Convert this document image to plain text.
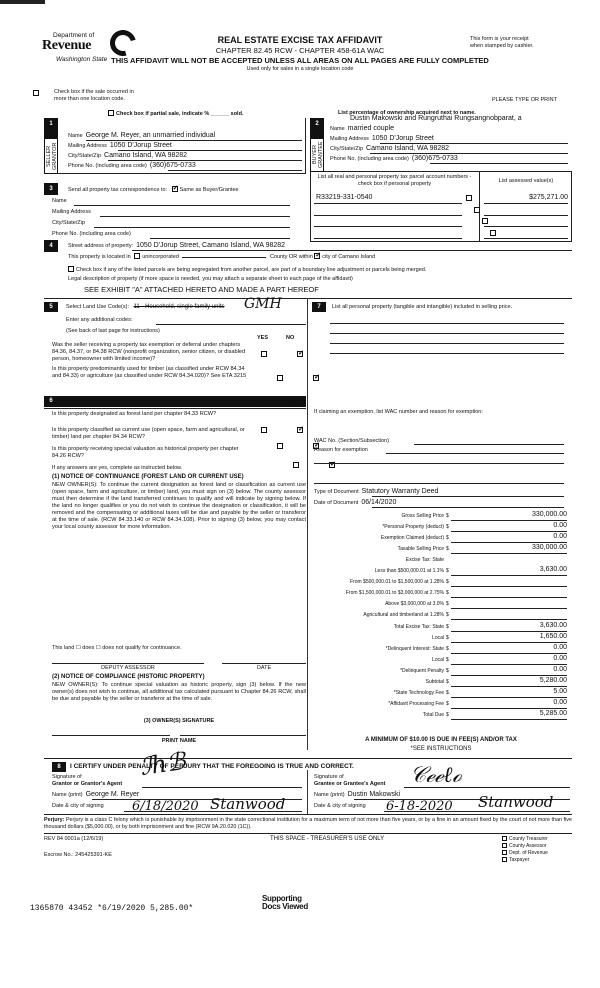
Department of
Revenue
Washington State
REAL ESTATE EXCISE TAX AFFIDAVIT
CHAPTER 82.45 RCW - CHAPTER 458-61A WAC
THIS AFFIDAVIT WILL NOT BE ACCEPTED UNLESS ALL AREAS ON ALL PAGES ARE FULLY COMPLETED
Used only for sales in a single location code
This form is your receipt
when stamped by cashier.
Check box if the sale occurred in
more than one location code.	PLEASE TYPE OR PRINT
Check box if partial sale, indicate % ______ sold.	List percentage of ownership acquired next to name.
1
SELLER GRANTOR
Name George M. Reyer, an unmarried individual
Mailing Address 1050 D'Jorup Street
City/State/Zip Camano Island, WA 98282
Phone No. (including area code) (360)675-0733
2
BUYER GRANTEE
Dustin Makowski and Rungruthai Rungsangnobparat, a
Name married couple
Mailing Address 1050 D'Jorup Street
City/State/Zip Camano Island, WA 98282
Phone No. (including area code) (360)675-0733
3	Send all property tax correspondence to: ✓ Same as Buyer/Grantee
Name
Mailing Address
City/State/Zip
Phone No. (including area code)
List all real and personal property tax parcel account numbers - check box if personal property	List assessed value(s)
R33219-331-0540	$275,271.00
4	Street address of property: 1050 D'Jorup Street, Camano Island, WA 98282
This property is located in unincorporated	County OR within ✓ city of Camano Island
Check box if any of the listed parcels are being segregated from another parcel, are part of a boundary line adjustment or parcels being merged.
Legal description of property (if more space is needed, you may attach a separate sheet to each page of the affidavit)
SEE EXHIBIT "A" ATTACHED HERETO AND MADE A PART HEREOF
5	Select Land Use Code(s): 11 - Household, single family units GMH
Enter any additional codes:
(See back of last page for instructions)
YES	NO
Was the seller receiving a property tax exemption or deferral under chapters 84.36, 84.37, or 84.38 RCW (nonprofit organization, senior citizen, or disabled person, homeowner with limited income)?
✓
Is this property predominantly used for timber (as classified under RCW 84.34 and 84.33) or agriculture (as classified under RCW 84.34.020)? See ETA 3215
✓
6	YES	NO
Is this property designated as forest land per chapter 84.33 RCW?
✓
Is this property classified as current use (open space, farm and agricultural, or timber) land per chapter 84.34 RCW?
✓
Is this property receiving special valuation as historical property per chapter 84.26 RCW?
✓
If any answers are yes, complete as instructed below.
(1) NOTICE OF CONTINUANCE (FOREST LAND OR CURRENT USE)
NEW OWNER(S): To continue the current designation as forest land or classification as current use (open space, farm and agriculture, or timber) land, you must sign on (3) below. The county assessor must then determine if the land transferred continues to qualify and will indicate by signing below. If the land no longer qualifies or you do not wish to continue the designation or classification, it will be removed and the compensating or additional taxes will be due and payable by the seller or transferor at the time of sale. (RCW 84.33.140 or RCW 84.34.108). Prior to signing (3) below, you may contact your local county assessor for more information.
This land ☐ does ☐ does not qualify for continuance.
DEPUTY ASSESSOR	DATE
(2) NOTICE OF COMPLIANCE (HISTORIC PROPERTY)
NEW OWNER(S): To continue special valuation as historic property, sign (3) below. If the new owner(s) does not wish to continue, all additional tax calculated pursuant to Chapter 84.26 RCW, shall be due and payable by the seller or transferor at the time of sale.
(3) OWNER(S) SIGNATURE
PRINT NAME
7	List all personal property (tangible and intangible) included in selling price.
If claiming an exemption, list WAC number and reason for exemption:
WAC No. (Section/Subsection)
Reason for exemption
Type of Document Statutory Warranty Deed
Date of Document 06/14/2020
Gross Selling Price $	330,000.00
*Personal Property (deduct) $	0.00
Exemption Claimed (deduct) $	0.00
Taxable Selling Price $	330,000.00
Less than $500,000.01 at 1.1% $	3,630.00
From $500,000.01 to $1,500,000 at 1.28% $
From $1,500,000.01 to $3,000,000 at 2.75% $
Above $3,000,000 at 3.0% $
Agricultural and timberland at 1.28% $
Total Excise Tax: State $	3,630.00
Local $	1,650.00
*Delinquent Interest: State $	0.00
Local $	0.00
*Delinquent Penalty $	0.00
Subtotal $	5,280.00
*State Technology Fee $	5.00
*Affidavit Processing Fee $	0.00
Total Due $	5,285.00
Excise Tax: State
A MINIMUM OF $10.00 IS DUE IN FEE(S) AND/OR TAX
*SEE INSTRUCTIONS
8	I CERTIFY UNDER PENALTY OF PERJURY THAT THE FOREGOING IS TRUE AND CORRECT.
Signature of
Grantor or Grantor's Agent
ℐℎℬ
Name (print) George M. Reyer
Date & city of signing 6/18/2020 Stanwood
Signature of
Grantee or Grantee's Agent 𝒞ℯℯℓℴ
Name (print) Dustin Makowski
Date & city of signing 6-18-2020 Stanwood
Perjury: Perjury is a class C felony which is punishable by imprisonment in the state correctional institution for a maximum term of not more than five years, or by a fine in an amount fixed by the court of not more than five thousand dollars ($5,000.00), or by both imprisonment and fine (RCW 9A.20.020 (1C)).
REV 84 0001a (12/6/19)	THIS SPACE - TREASURER'S USE ONLY
Escrow No.: 245425391-KE
County Treasurer
County Assessor
Dept. of Revenue
Taxpayer
1365870 43452 *6/19/2020 5,285.00*
Supporting
Docs Viewed
